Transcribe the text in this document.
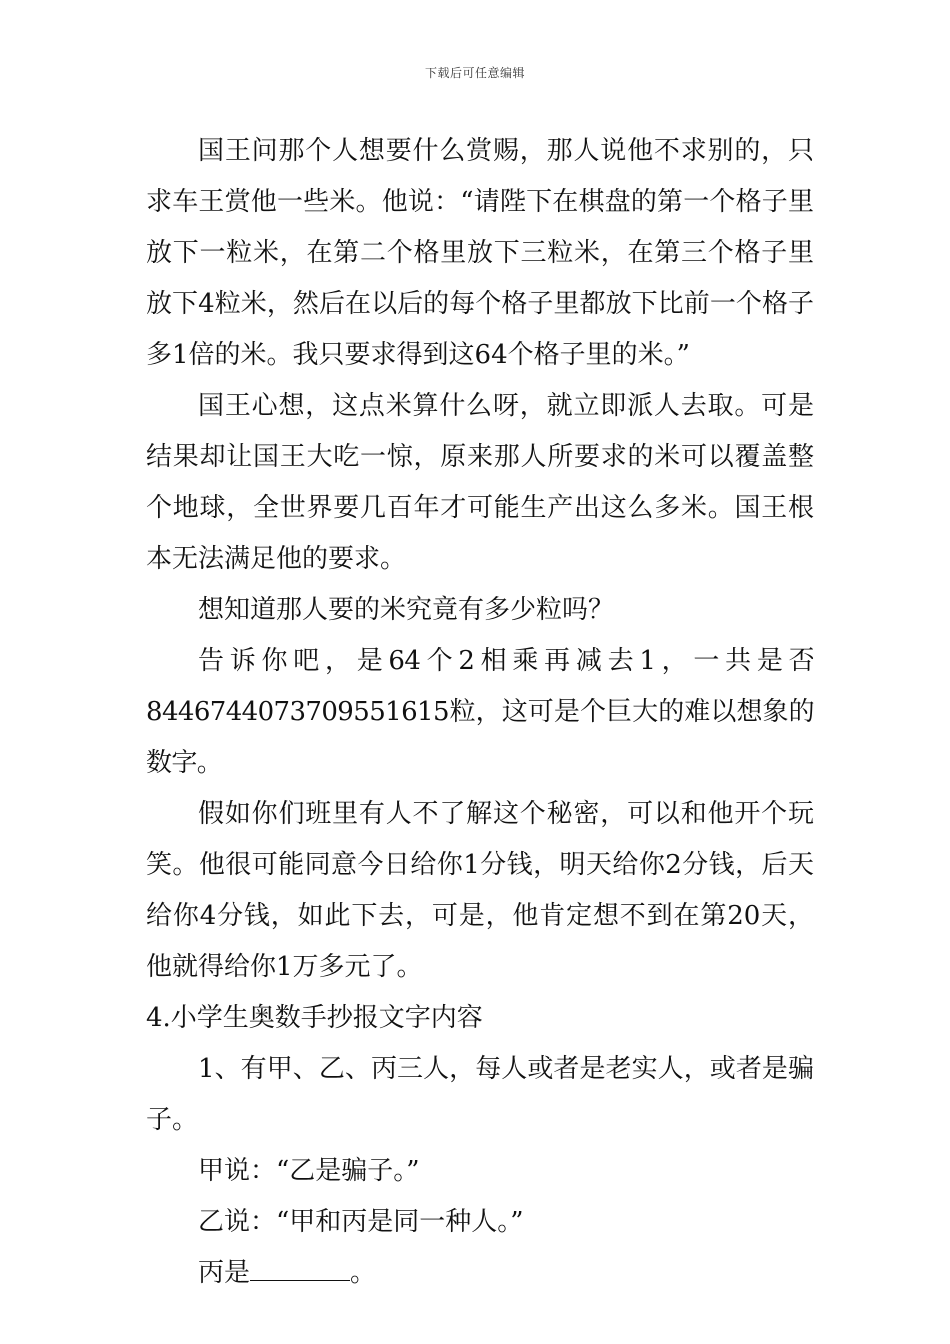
下载后可任意编辑

国王问那个人想要什么赏赐，那人说他不求别的，只求车王赏他一些米。他说：“请陛下在棋盘的第一个格子里放下一粒米，在第二个格里放下三粒米，在第三个格子里放下4粒米，然后在以后的每个格子里都放下比前一个格子多1倍的米。我只要求得到这64个格子里的米。”

国王心想，这点米算什么呀，就立即派人去取。可是结果却让国王大吃一惊，原来那人所要求的米可以覆盖整个地球，全世界要几百年才可能生产出这么多米。国王根本无法满足他的要求。

想知道那人要的米究竟有多少粒吗？

告诉你吧，是64个2相乘再减去1，一共是否8446744073709551615粒，这可是个巨大的难以想象的数字。

假如你们班里有人不了解这个秘密，可以和他开个玩笑。他很可能同意今日给你1分钱，明天给你2分钱，后天给你4分钱，如此下去，可是，他肯定想不到在第20天，他就得给你1万多元了。

4.小学生奥数手抄报文字内容

1、有甲、乙、丙三人，每人或者是老实人，或者是骗子。

甲说：“乙是骗子。”

乙说：“甲和丙是同一种人。”

丙是	。
